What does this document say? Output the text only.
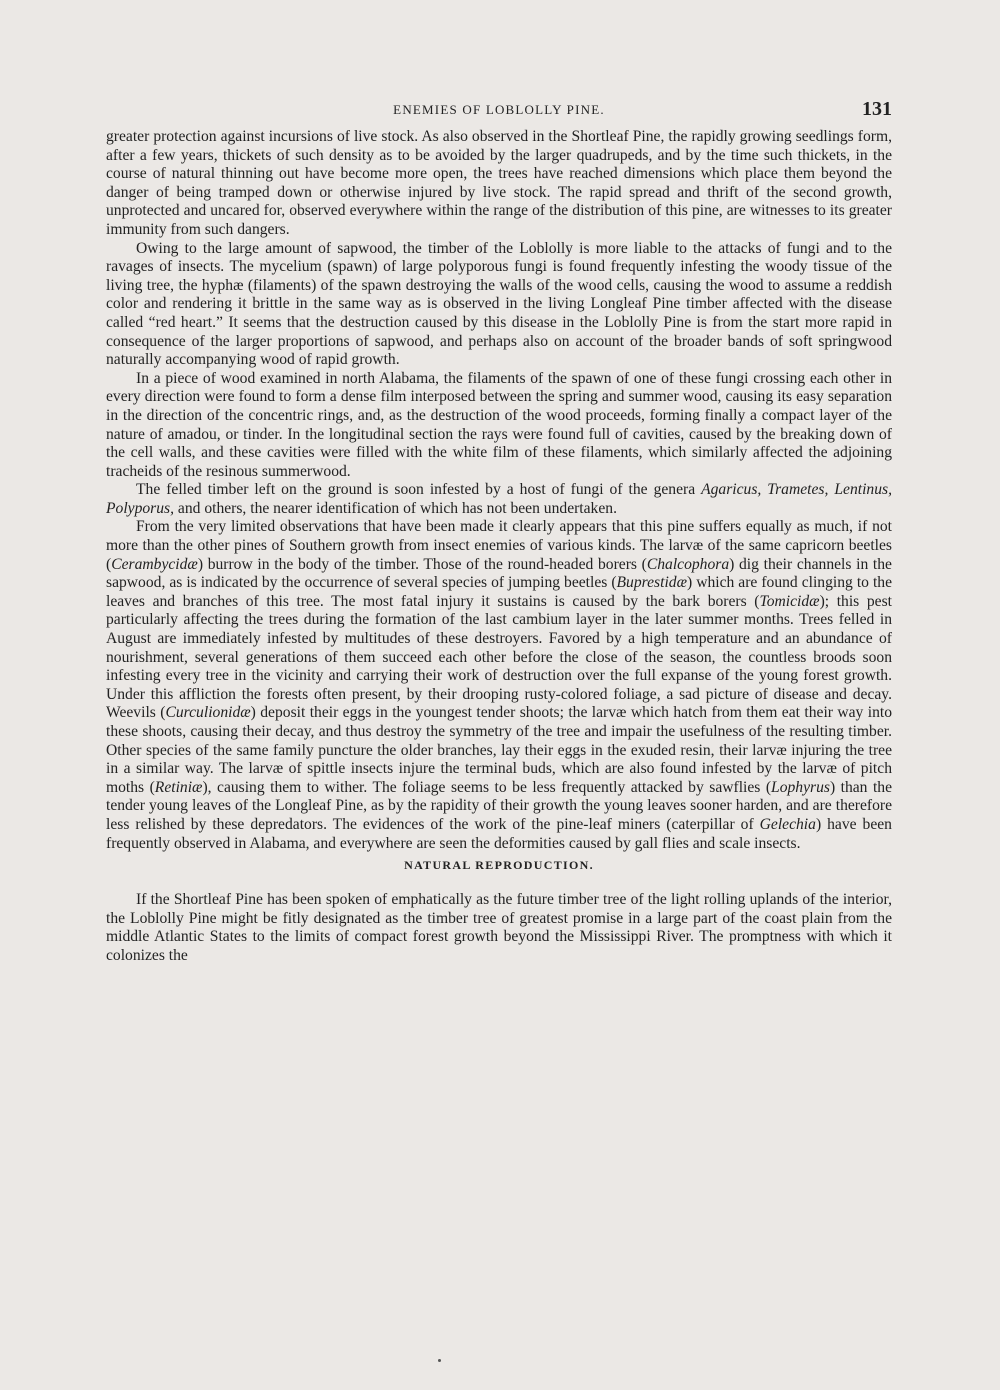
ENEMIES OF LOBLOLLY PINE.	131

greater protection against incursions of live stock. As also observed in the Shortleaf Pine, the rapidly growing seedlings form, after a few years, thickets of such density as to be avoided by the larger quadrupeds, and by the time such thickets, in the course of natural thinning out have become more open, the trees have reached dimensions which place them beyond the danger of being tramped down or otherwise injured by live stock. The rapid spread and thrift of the second growth, unprotected and uncared for, observed everywhere within the range of the distribution of this pine, are witnesses to its greater immunity from such dangers.

Owing to the large amount of sapwood, the timber of the Loblolly is more liable to the attacks of fungi and to the ravages of insects. The mycelium (spawn) of large polyporous fungi is found frequently infesting the woody tissue of the living tree, the hyphæ (filaments) of the spawn destroying the walls of the wood cells, causing the wood to assume a reddish color and rendering it brittle in the same way as is observed in the living Longleaf Pine timber affected with the disease called “red heart.” It seems that the destruction caused by this disease in the Loblolly Pine is from the start more rapid in consequence of the larger proportions of sapwood, and perhaps also on account of the broader bands of soft springwood naturally accompanying wood of rapid growth.

In a piece of wood examined in north Alabama, the filaments of the spawn of one of these fungi crossing each other in every direction were found to form a dense film interposed between the spring and summer wood, causing its easy separation in the direction of the concentric rings, and, as the destruction of the wood proceeds, forming finally a compact layer of the nature of amadou, or tinder. In the longitudinal section the rays were found full of cavities, caused by the breaking down of the cell walls, and these cavities were filled with the white film of these filaments, which similarly affected the adjoining tracheids of the resinous summerwood.

The felled timber left on the ground is soon infested by a host of fungi of the genera Agaricus, Trametes, Lentinus, Polyporus, and others, the nearer identification of which has not been undertaken.

From the very limited observations that have been made it clearly appears that this pine suffers equally as much, if not more than the other pines of Southern growth from insect enemies of various kinds. The larvæ of the same capricorn beetles (Cerambycidæ) burrow in the body of the timber. Those of the round-headed borers (Chalcophora) dig their channels in the sapwood, as is indicated by the occurrence of several species of jumping beetles (Buprestidæ) which are found clinging to the leaves and branches of this tree. The most fatal injury it sustains is caused by the bark borers (Tomicidæ); this pest particularly affecting the trees during the formation of the last cambium layer in the later summer months. Trees felled in August are immediately infested by multitudes of these destroyers. Favored by a high temperature and an abundance of nourishment, several generations of them succeed each other before the close of the season, the countless broods soon infesting every tree in the vicinity and carrying their work of destruction over the full expanse of the young forest growth. Under this affliction the forests often present, by their drooping rusty-colored foliage, a sad picture of disease and decay. Weevils (Curculionidæ) deposit their eggs in the youngest tender shoots; the larvæ which hatch from them eat their way into these shoots, causing their decay, and thus destroy the symmetry of the tree and impair the usefulness of the resulting timber. Other species of the same family puncture the older branches, lay their eggs in the exuded resin, their larvæ injuring the tree in a similar way. The larvæ of spittle insects injure the terminal buds, which are also found infested by the larvæ of pitch moths (Retiniæ), causing them to wither. The foliage seems to be less frequently attacked by sawflies (Lophyrus) than the tender young leaves of the Longleaf Pine, as by the rapidity of their growth the young leaves sooner harden, and are therefore less relished by these depredators. The evidences of the work of the pine-leaf miners (caterpillar of Gelechia) have been frequently observed in Alabama, and everywhere are seen the deformities caused by gall flies and scale insects.

NATURAL REPRODUCTION.

If the Shortleaf Pine has been spoken of emphatically as the future timber tree of the light rolling uplands of the interior, the Loblolly Pine might be fitly designated as the timber tree of greatest promise in a large part of the coast plain from the middle Atlantic States to the limits of compact forest growth beyond the Mississippi River. The promptness with which it colonizes the
